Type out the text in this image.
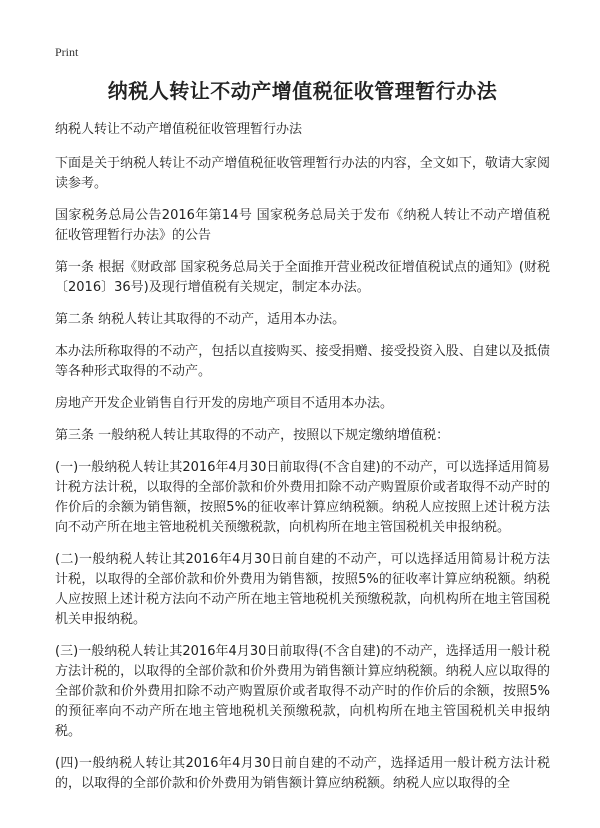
Print
纳税人转让不动产增值税征收管理暂行办法

纳税人转让不动产增值税征收管理暂行办法

下面是关于纳税人转让不动产增值税征收管理暂行办法的内容，全文如下，敬请大家阅读参考。

国家税务总局公告2016年第14号 国家税务总局关于发布《纳税人转让不动产增值税征收管理暂行办法》的公告

第一条 根据《财政部 国家税务总局关于全面推开营业税改征增值税试点的通知》(财税〔2016〕36号)及现行增值税有关规定，制定本办法。

第二条 纳税人转让其取得的不动产，适用本办法。

本办法所称取得的不动产，包括以直接购买、接受捐赠、接受投资入股、自建以及抵债等各种形式取得的不动产。

房地产开发企业销售自行开发的房地产项目不适用本办法。

第三条 一般纳税人转让其取得的不动产，按照以下规定缴纳增值税：

(一)一般纳税人转让其2016年4月30日前取得(不含自建)的不动产，可以选择适用简易计税方法计税，以取得的全部价款和价外费用扣除不动产购置原价或者取得不动产时的作价后的余额为销售额，按照5%的征收率计算应纳税额。纳税人应按照上述计税方法向不动产所在地主管地税机关预缴税款，向机构所在地主管国税机关申报纳税。

(二)一般纳税人转让其2016年4月30日前自建的不动产，可以选择适用简易计税方法计税，以取得的全部价款和价外费用为销售额，按照5%的征收率计算应纳税额。纳税人应按照上述计税方法向不动产所在地主管地税机关预缴税款，向机构所在地主管国税机关申报纳税。

(三)一般纳税人转让其2016年4月30日前取得(不含自建)的不动产，选择适用一般计税方法计税的，以取得的全部价款和价外费用为销售额计算应纳税额。纳税人应以取得的全部价款和价外费用扣除不动产购置原价或者取得不动产时的作价后的余额，按照5%的预征率向不动产所在地主管地税机关预缴税款，向机构所在地主管国税机关申报纳税。

(四)一般纳税人转让其2016年4月30日前自建的不动产，选择适用一般计税方法计税的，以取得的全部价款和价外费用为销售额计算应纳税额。纳税人应以取得的全
